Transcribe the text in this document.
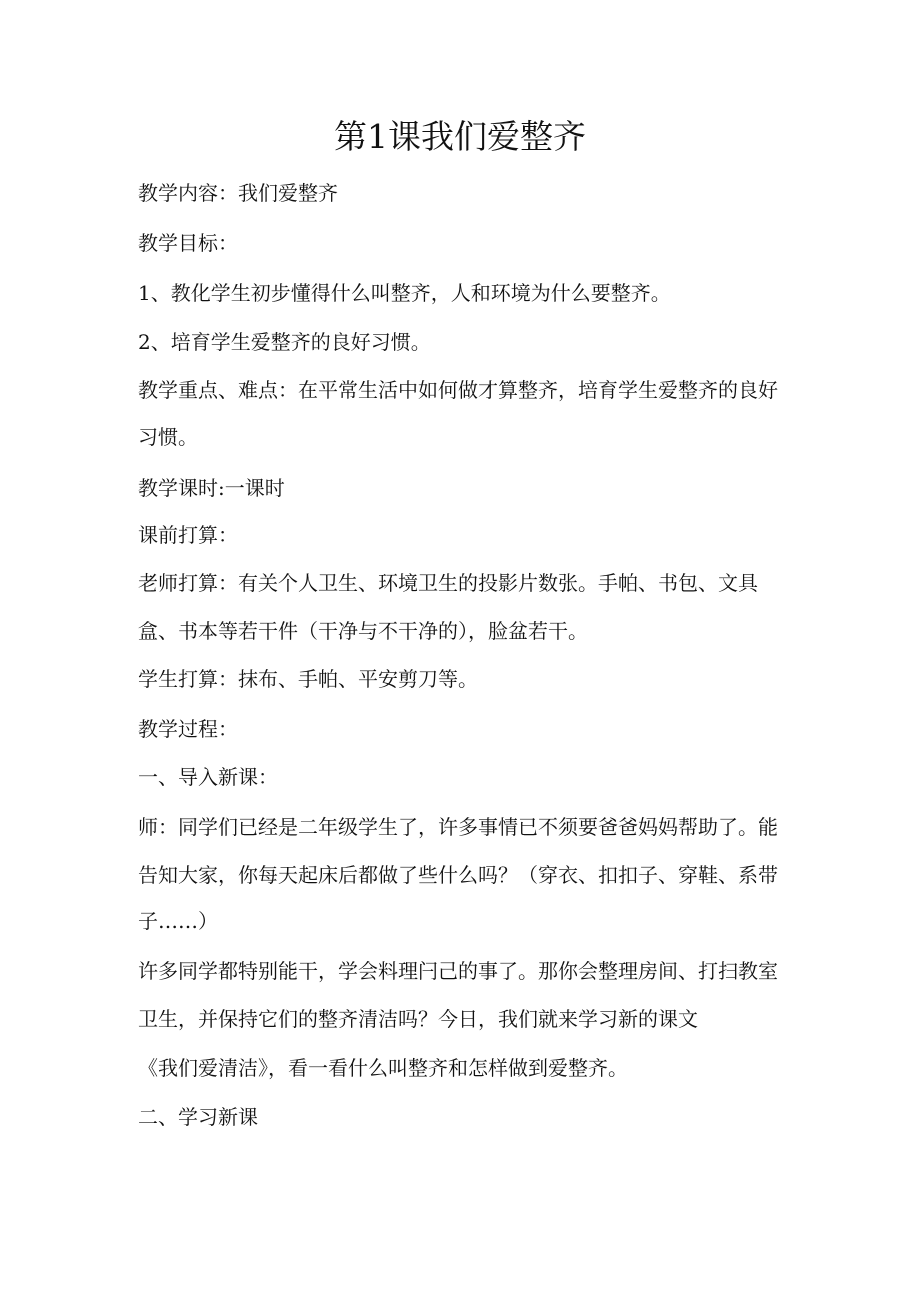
第1课我们爱整齐
教学内容：我们爱整齐
教学目标：
1、教化学生初步懂得什么叫整齐，人和环境为什么要整齐。
2、培育学生爱整齐的良好习惯。
教学重点、难点：在平常生活中如何做才算整齐，培育学生爱整齐的良好
习惯。
教学课时:一课时
课前打算：
老师打算：有关个人卫生、环境卫生的投影片数张。手帕、书包、文具
盒、书本等若干件（干净与不干净的），脸盆若干。
学生打算：抹布、手帕、平安剪刀等。
教学过程：
一、导入新课：
师：同学们已经是二年级学生了，许多事情已不须要爸爸妈妈帮助了。能
告知大家，你每天起床后都做了些什么吗？（穿衣、扣扣子、穿鞋、系带
子……）
许多同学都特别能干，学会料理闩己的事了。那你会整理房间、打扫教室
卫生，并保持它们的整齐清洁吗？今日，我们就来学习新的课文
《我们爱清洁》，看一看什么叫整齐和怎样做到爱整齐。
二、学习新课
